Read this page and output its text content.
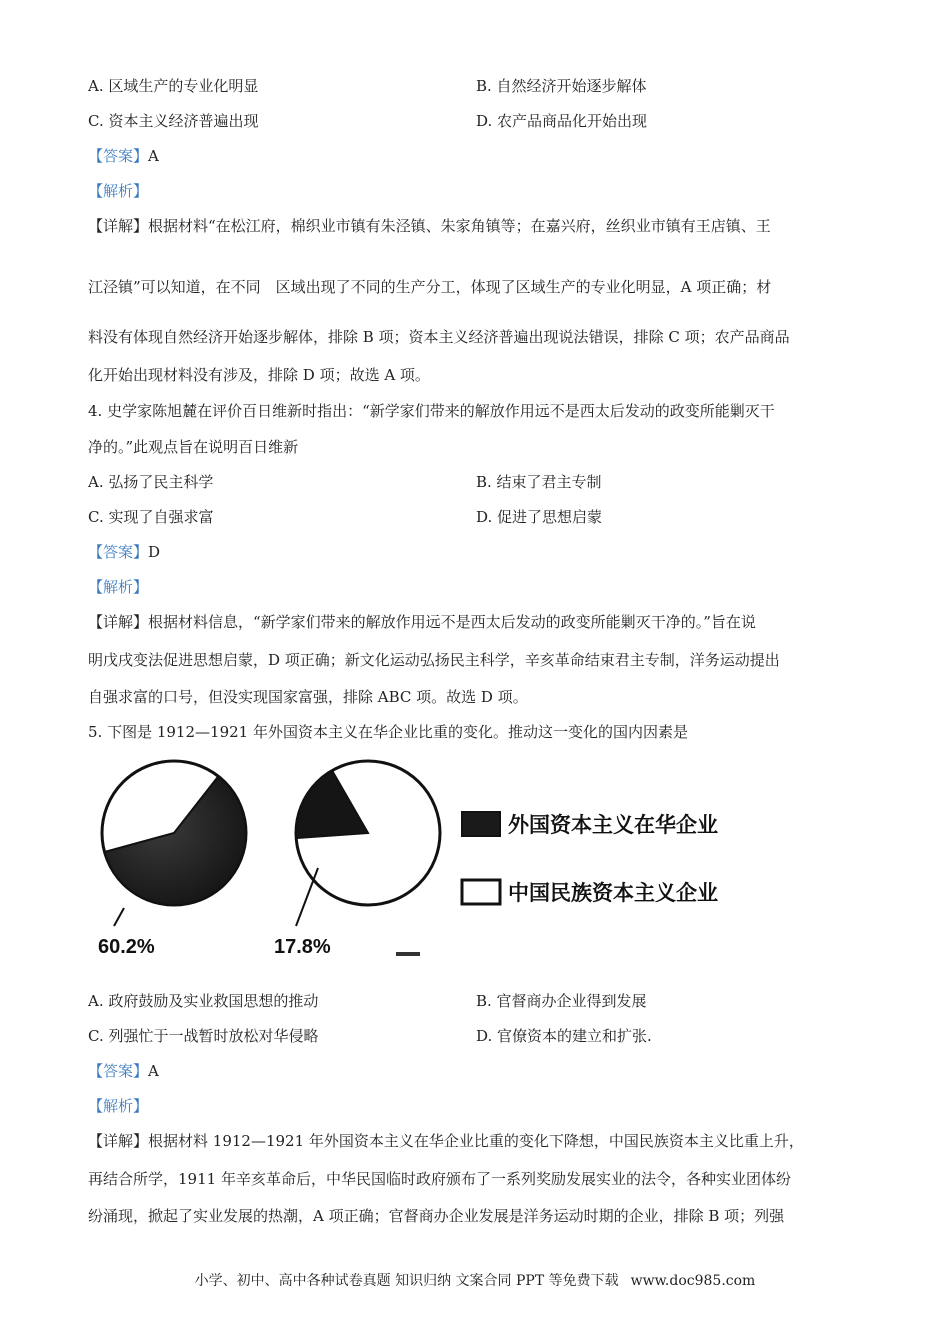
A. 区域生产的专业化明显	B. 自然经济开始逐步解体
C. 资本主义经济普遍出现	D. 农产品商品化开始出现
【答案】A
【解析】
【详解】根据材料“在松江府，棉织业市镇有朱泾镇、朱家角镇等；在嘉兴府，丝织业市镇有王店镇、王
江泾镇”可以知道，在不同　区域出现了不同的生产分工，体现了区域生产的专业化明显，A 项正确；材
料没有体现自然经济开始逐步解体，排除 B 项；资本主义经济普遍出现说法错误，排除 C 项；农产品商品
化开始出现材料没有涉及，排除 D 项；故选 A 项。
4. 史学家陈旭麓在评价百日维新时指出：“新学家们带来的解放作用远不是西太后发动的政变所能剿灭干
净的。”此观点旨在说明百日维新
A. 弘扬了民主科学	B. 结束了君主专制
C. 实现了自强求富	D. 促进了思想启蒙
【答案】D
【解析】
【详解】根据材料信息，“新学家们带来的解放作用远不是西太后发动的政变所能剿灭干净的。”旨在说
明戊戌变法促进思想启蒙，D 项正确；新文化运动弘扬民主科学，辛亥革命结束君主专制，洋务运动提出
自强求富的口号，但没实现国家富强，排除 ABC 项。故选 D 项。
5. 下图是 1912—1921 年外国资本主义在华企业比重的变化。推动这一变化的国内因素是
60.2%	17.8%
外国资本主义在华企业
中国民族资本主义企业
A. 政府鼓励及实业救国思想的推动	B. 官督商办企业得到发展
C. 列强忙于一战暂时放松对华侵略	D. 官僚资本的建立和扩张.
【答案】A
【解析】
【详解】根据材料 1912—1921 年外国资本主义在华企业比重的变化下降想，中国民族资本主义比重上升，
再结合所学，1911 年辛亥革命后，中华民国临时政府颁布了一系列奖励发展实业的法令，各种实业团体纷
纷涌现，掀起了实业发展的热潮，A 项正确；官督商办企业发展是洋务运动时期的企业，排除 B 项；列强
小学、初中、高中各种试卷真题 知识归纳 文案合同 PPT 等免费下载 www.doc985.com
